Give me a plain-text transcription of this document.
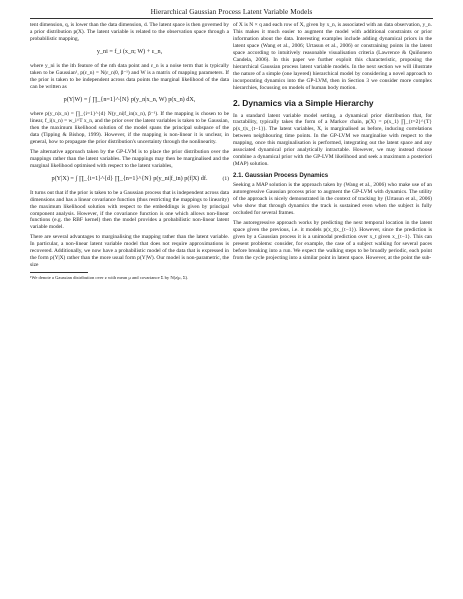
Hierarchical Gaussian Process Latent Variable Models

tent dimension, q, is lower than the data dimension, d. The latent space is then governed by a prior distribution p(X). The latent variable is related to the observation space through a probabilistic mapping,

y_ni = f_i (x_n; W) + ε_n,

where y_ni is the ith feature of the nth data point and ε_n is a noise term that is typically taken to be Gaussian¹, p(ε_n) = N(ε_n|0, β⁻¹) and W is a matrix of mapping parameters. If the prior is taken to be independent across data points the marginal likelihood of the data can be written as

p(Y|W) = ∫ ∏_{n=1}^{N} p(y_n|x_n, W) p(x_n) dX,

where p(y_n|x_n) = ∏_{i=1}^{d} N(y_ni|f_in(x_n), β⁻¹). If the mapping is chosen to be linear, f_i(x_n) = w_i^T x_n, and the prior over the latent variables is taken to be Gaussian, then the maximum likelihood solution of the model spans the principal subspace of the data (Tipping & Bishop, 1999). However, if the mapping is non-linear it is unclear, in general, how to propagate the prior distribution's uncertainty through the nonlinearity.

The alternative approach taken by the GP-LVM is to place the prior distribution over the mappings rather than the latent variables. The mappings may then be marginalised and the marginal likelihood optimised with respect to the latent variables,

p(Y|X) = ∫ ∏_{i=1}^{d} ∏_{n=1}^{N} p(y_ni|f_in) p(f|X) df.	(1)

It turns out that if the prior is taken to be a Gaussian process that is independent across data dimensions and has a linear covariance function (thus restricting the mappings to linearity) the maximum likelihood solution with respect to the embeddings is given by principal component analysis. However, if the covariance function is one which allows non-linear functions (e.g. the RBF kernel) then the model provides a probabilistic non-linear latent variable model.

There are several advantages to marginalising the mapping rather than the latent variable. In particular, a non-linear latent variable model that does not require approximations is recovered. Additionally, we now have a probabilistic model of the data that is expressed in the form p(Y|X) rather than the more usual form p(Y|W). Our model is non-parametric, the size

¹We denote a Gaussian distribution over z with mean μ and covariance Σ by N(z|μ, Σ).

of X is N × q and each row of X, given by x_n, is associated with an data observation, y_n. This makes it much easier to augment the model with additional constraints or prior information about the data. Interesting examples include adding dynamical priors in the latent space (Wang et al., 2006; Urtasun et al., 2006) or constraining points in the latent space according to intuitively reasonable visualisation criteria (Lawrence & Quiñonero Candela, 2006). In this paper we further exploit this characteristic, proposing the hierarchical Gaussian process latent variable models. In the next section we will illustrate the nature of a simple (one layered) hierarchical model by considering a novel approach to incorporating dynamics into the GP-LVM, then in Section 3 we consider more complex hierarchies, focussing on models of human body motion.

2. Dynamics via a Simple Hierarchy

In a standard latent variable model setting, a dynamical prior distribution that, for tractability, typically takes the form of a Markov chain, p(X) = p(x_1) ∏_{t=2}^{T} p(x_t|x_{t−1}). The latent variables, X, is marginalised as before, inducing correlations between neighbouring time points. In the GP-LVM we marginalise with respect to the mapping, once this marginalisation is performed, integrating out the latent space and any associated dynamical prior analytically intractable. However, we may instead choose combine a dynamical prior with the GP-LVM likelihood and seek a maximum a posteriori (MAP) solution.

2.1. Gaussian Process Dynamics

Seeking a MAP solution is the approach taken by (Wang et al., 2006) who make use of an autoregressive Gaussian process prior to augment the GP-LVM with dynamics. The utility of the approach is nicely demonstrated in the context of tracking by (Urtasun et al., 2006) who show that through dynamics the track is sustained even when the subject is fully occluded for several frames.

The autoregressive approach works by predicting the next temporal location in the latent space given the previous, i.e. it models p(x_t|x_{t−1}). However, since the prediction is given by a Gaussian process it is a unimodal prediction over x_t given x_{t−1}. This can present problems: consider, for example, the case of a subject walking for several paces before breaking into a run. We expect the walking steps to be broadly periodic, each point from the cycle projecting into a similar point in latent space. However, at the point the sub-
